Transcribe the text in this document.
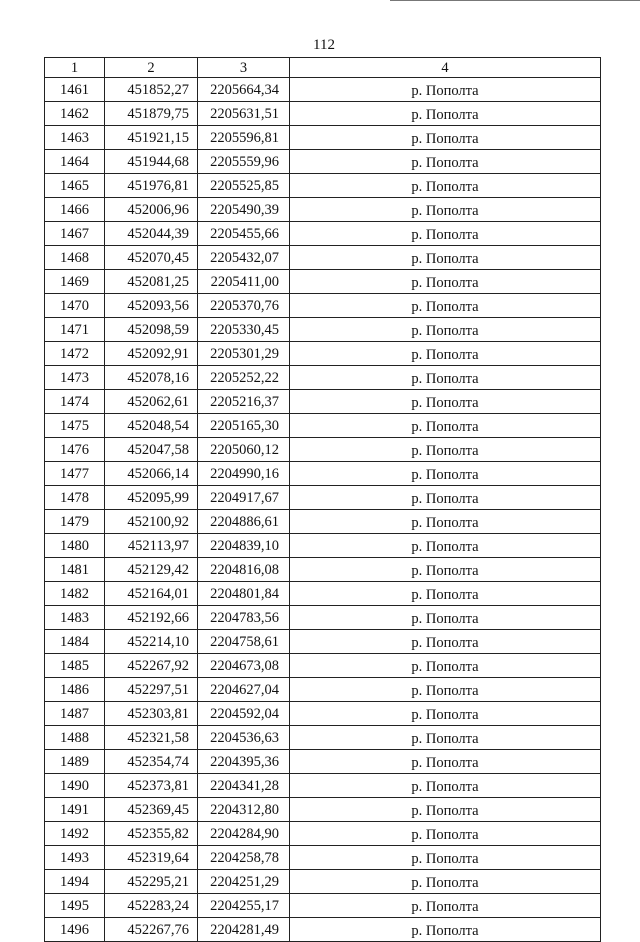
112
1	2	3	4
1461	451852,27	2205664,34	р. Пополта
1462	451879,75	2205631,51	р. Пополта
1463	451921,15	2205596,81	р. Пополта
1464	451944,68	2205559,96	р. Пополта
1465	451976,81	2205525,85	р. Пополта
1466	452006,96	2205490,39	р. Пополта
1467	452044,39	2205455,66	р. Пополта
1468	452070,45	2205432,07	р. Пополта
1469	452081,25	2205411,00	р. Пополта
1470	452093,56	2205370,76	р. Пополта
1471	452098,59	2205330,45	р. Пополта
1472	452092,91	2205301,29	р. Пополта
1473	452078,16	2205252,22	р. Пополта
1474	452062,61	2205216,37	р. Пополта
1475	452048,54	2205165,30	р. Пополта
1476	452047,58	2205060,12	р. Пополта
1477	452066,14	2204990,16	р. Пополта
1478	452095,99	2204917,67	р. Пополта
1479	452100,92	2204886,61	р. Пополта
1480	452113,97	2204839,10	р. Пополта
1481	452129,42	2204816,08	р. Пополта
1482	452164,01	2204801,84	р. Пополта
1483	452192,66	2204783,56	р. Пополта
1484	452214,10	2204758,61	р. Пополта
1485	452267,92	2204673,08	р. Пополта
1486	452297,51	2204627,04	р. Пополта
1487	452303,81	2204592,04	р. Пополта
1488	452321,58	2204536,63	р. Пополта
1489	452354,74	2204395,36	р. Пополта
1490	452373,81	2204341,28	р. Пополта
1491	452369,45	2204312,80	р. Пополта
1492	452355,82	2204284,90	р. Пополта
1493	452319,64	2204258,78	р. Пополта
1494	452295,21	2204251,29	р. Пополта
1495	452283,24	2204255,17	р. Пополта
1496	452267,76	2204281,49	р. Пополта
